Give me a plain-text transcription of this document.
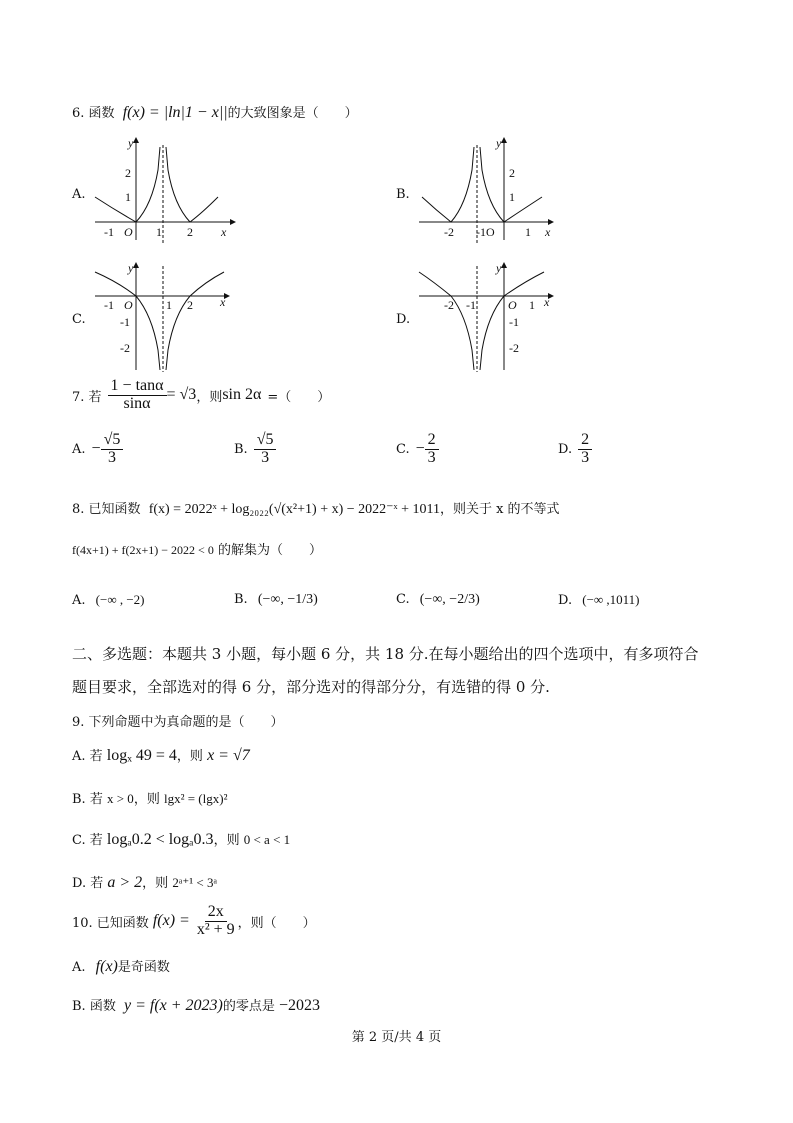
6. 函数 f(x) = |ln|1 − x||的大致图象是（　　）
A.
-1 O 1 2
2
1
x
y
B.
-2 -1O	1
2
1
x
y
C.
-1 O	1 2
-1
-2
x
y
D.
-2 -1	O 1
-1
-2
x
y
7. 若 $\frac{1 - \tan\alpha}{\sin\alpha} = √3$ ，则 sin 2α =（　　）
A. − $\frac{√5}{3}$	B. $\frac{√5}{3}$	C. − $\frac{2}{3}$	D. $\frac{2}{3}$
8. 已知函数 f(x) = 2022ˣ + log₂₀₂₂(√(x²+1) + x) − 2022⁻ˣ + 1011，则关于 x 的不等式
f(4x+1) + f(2x+1) − 2022 < 0 的解集为（　　）
A. (−∞ , −2)	B. (−∞, −1/3)	C. (−∞, −2/3)	D. (−∞ ,1011)
二、多选题：本题共 3 小题，每小题 6 分，共 18 分.在每小题给出的四个选项中，有多项符合
题目要求，全部选对的得 6 分，部分选对的得部分分，有选错的得 0 分.
9. 下列命题中为真命题的是（　　）
A. 若 logₓ 49 = 4，则 x = √7
B. 若 x > 0，则 lgx² = (lgx)²
C. 若 logₐ0.2 < logₐ0.3，则 0 < a < 1
D. 若 a > 2，则 2ᵃ⁺¹ < 3ᵃ
10. 已知函数 $f(x) = \frac{2x}{\text{x² + 9}}$ ，则（　　）
A. f(x)是奇函数
B. 函数 y = f(x + 2023)的零点是 −2023
第 2 页/共 4 页
